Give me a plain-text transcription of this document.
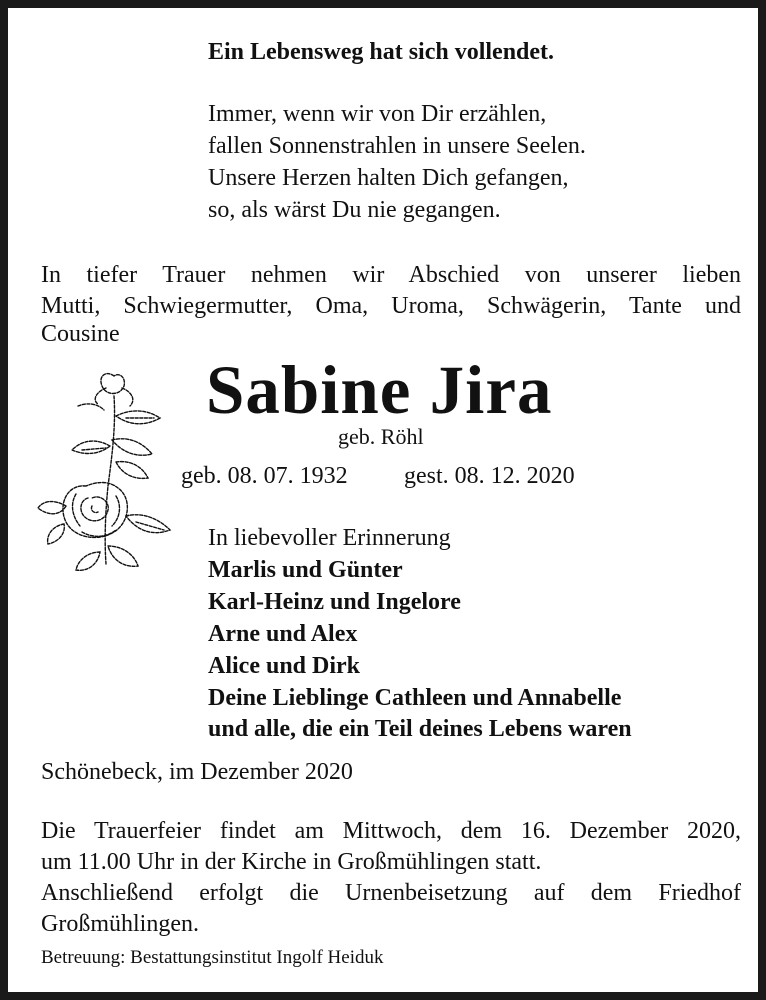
Ein Lebensweg hat sich vollendet.

Immer, wenn wir von Dir erzählen,

fallen Sonnenstrahlen in unsere Seelen.

Unsere Herzen halten Dich gefangen,

so, als wärst Du nie gegangen.

In tiefer Trauer nehmen wir Abschied von unserer lieben

Mutti, Schwiegermutter, Oma, Uroma, Schwägerin, Tante und

Cousine

Sabine Jira

geb. Röhl

geb. 08. 07. 1932 gest. 08. 12. 2020

In liebevoller Erinnerung

Marlis und Günter

Karl-Heinz und Ingelore

Arne und Alex

Alice und Dirk

Deine Lieblinge Cathleen und Annabelle

und alle, die ein Teil deines Lebens waren

Schönebeck, im Dezember 2020

Die Trauerfeier findet am Mittwoch, dem 16. Dezember 2020,

um 11.00 Uhr in der Kirche in Großmühlingen statt.

Anschließend erfolgt die Urnenbeisetzung auf dem Friedhof

Großmühlingen.

Betreuung: Bestattungsinstitut Ingolf Heiduk
